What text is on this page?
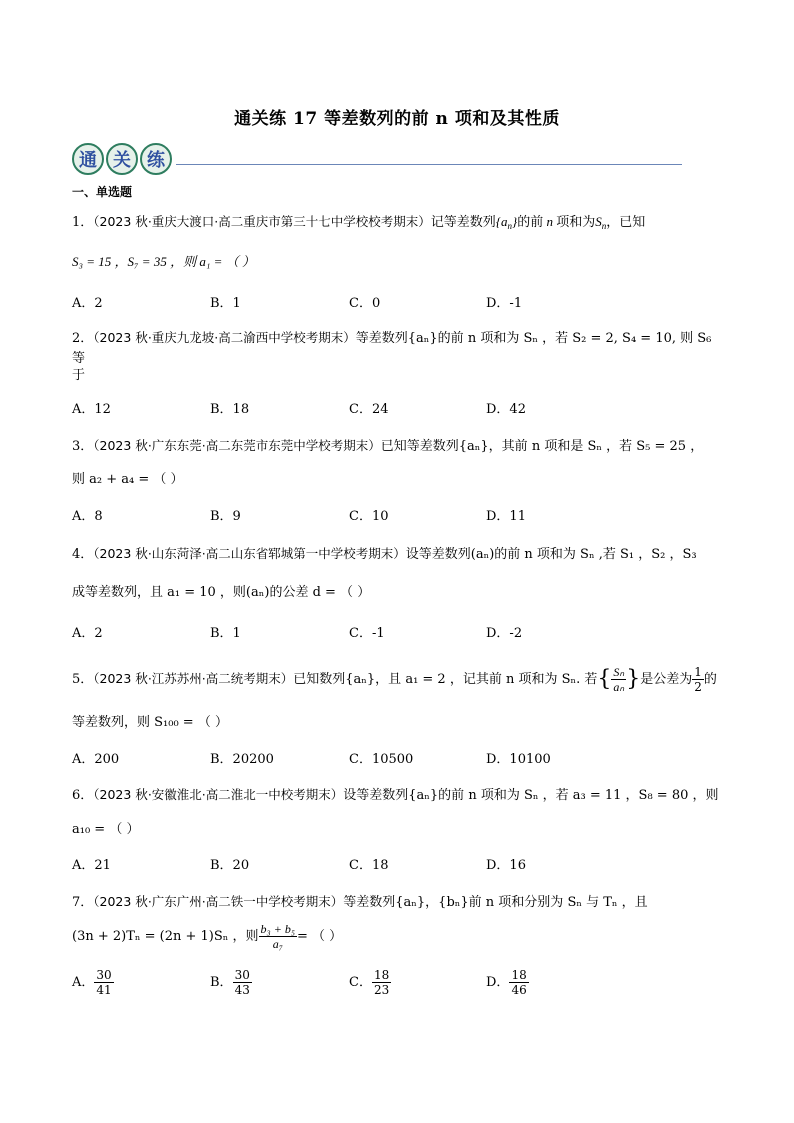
通关练 17 等差数列的前 n 项和及其性质
通 关 练
一、单选题
1．（2023 秋·重庆大渡口·高二重庆市第三十七中学校校考期末）记等差数列$\{a_n\}$的前 n 项和为$S_n$，已知
S₃ = 15 ，S₇ = 35 ，则 a₁ = （ ）
A．2	B．1	C．0	D．-1
2．（2023 秋·重庆九龙坡·高二渝西中学校考期末）等差数列{aₙ}的前 n 项和为 Sₙ ，若 S₂ = 2, S₄ = 10, 则 S₆ 等
于
A．12	B．18	C．24	D．42
3．（2023 秋·广东东莞·高二东莞市东莞中学校考期末）已知等差数列{aₙ}，其前 n 项和是 Sₙ ，若 S₅ = 25 ，
则 a₂ + a₄ = （ ）
A．8	B．9	C．10	D．11
4．（2023 秋·山东菏泽·高二山东省郓城第一中学校考期末）设等差数列(aₙ)的前 n 项和为 Sₙ ,若 S₁ ，S₂ ，S₃
成等差数列，且 a₁ = 10 ，则(aₙ)的公差 d = （ ）
A．2	B．1	C．-1	D．-2
5．（2023 秋·江苏苏州·高二统考期末）已知数列{aₙ}，且 a₁ = 2 ，记其前 n 项和为 Sₙ. 若{ $\frac{\text{Sₙ}}{\text{aₙ}}$ }是公差为 $\frac{1}{2}$ 的
等差数列，则 S₁₀₀ = （ ）
A．200	B．20200	C．10500	D．10100
6．（2023 秋·安徽淮北·高二淮北一中校考期末）设等差数列{aₙ}的前 n 项和为 Sₙ ，若 a₃ = 11 ，S₈ = 80 ，则
a₁₀ = （ ）
A．21	B．20	C．18	D．16
7．（2023 秋·广东广州·高二铁一中学校考期末）等差数列{aₙ}，{bₙ}前 n 项和分别为 Sₙ 与 Tₙ ，且
(3n + 2)Tₙ = (2n + 1)Sₙ ，则 $\frac{\text{b₃ + b₅}}{\text{a₇}}$ = （ ）
A． $\frac{30}{41}$	B． $\frac{30}{43}$	C． $\frac{18}{23}$	D． $\frac{18}{46}$
